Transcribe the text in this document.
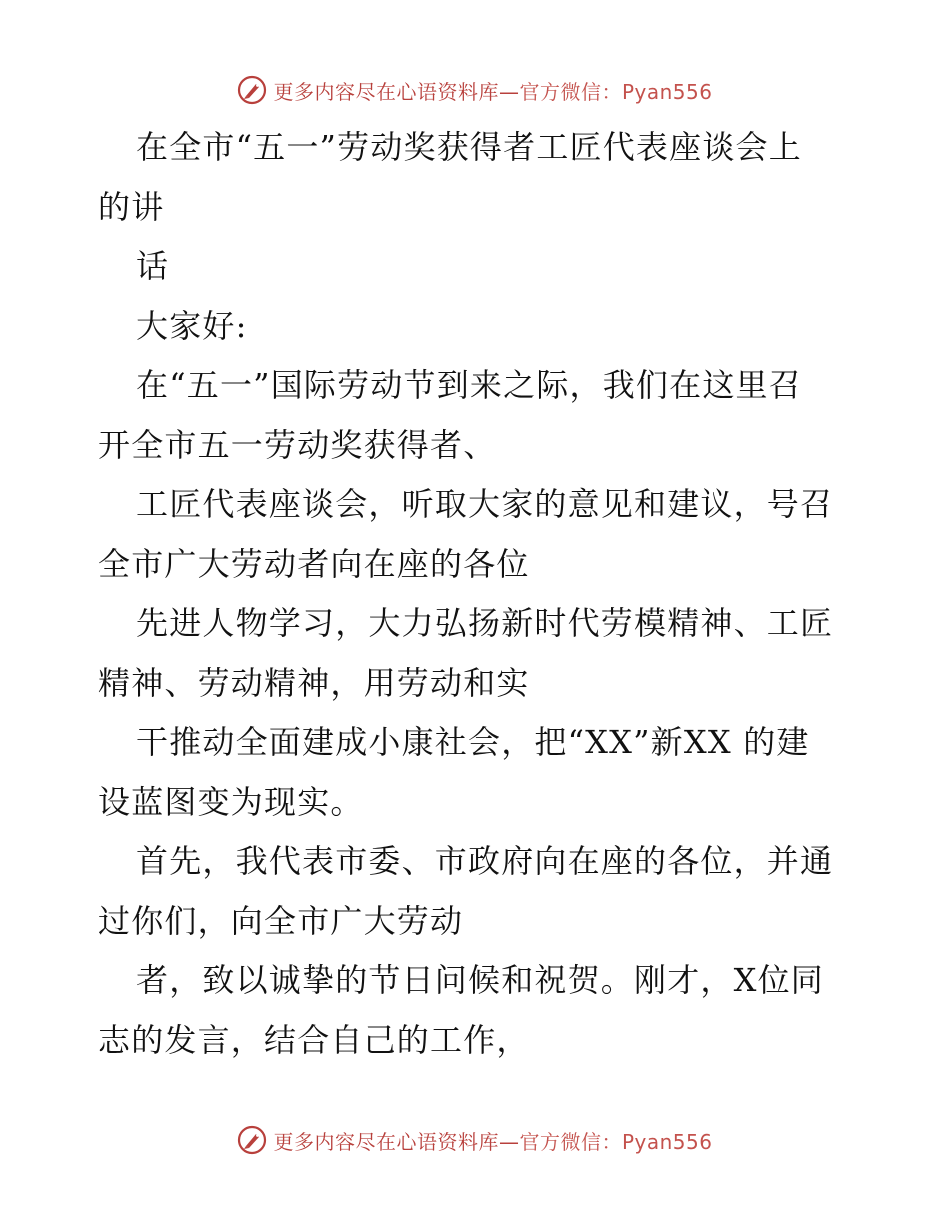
更多内容尽在心语资料库—官方微信：Pyan556
在全市“五一”劳动奖获得者工匠代表座谈会上
的讲
话
大家好:
在“五一”国际劳动节到来之际，我们在这里召
开全市五一劳动奖获得者、
工匠代表座谈会，听取大家的意见和建议，号召
全市广大劳动者向在座的各位
先进人物学习，大力弘扬新时代劳模精神、工匠
精神、劳动精神，用劳动和实
干推动全面建成小康社会，把“XX”新XX 的建
设蓝图变为现实。
首先，我代表市委、市政府向在座的各位，并通
过你们，向全市广大劳动
者，致以诚挚的节日问候和祝贺。刚才，X位同
志的发言，结合自己的工作，
更多内容尽在心语资料库—官方微信：Pyan556
